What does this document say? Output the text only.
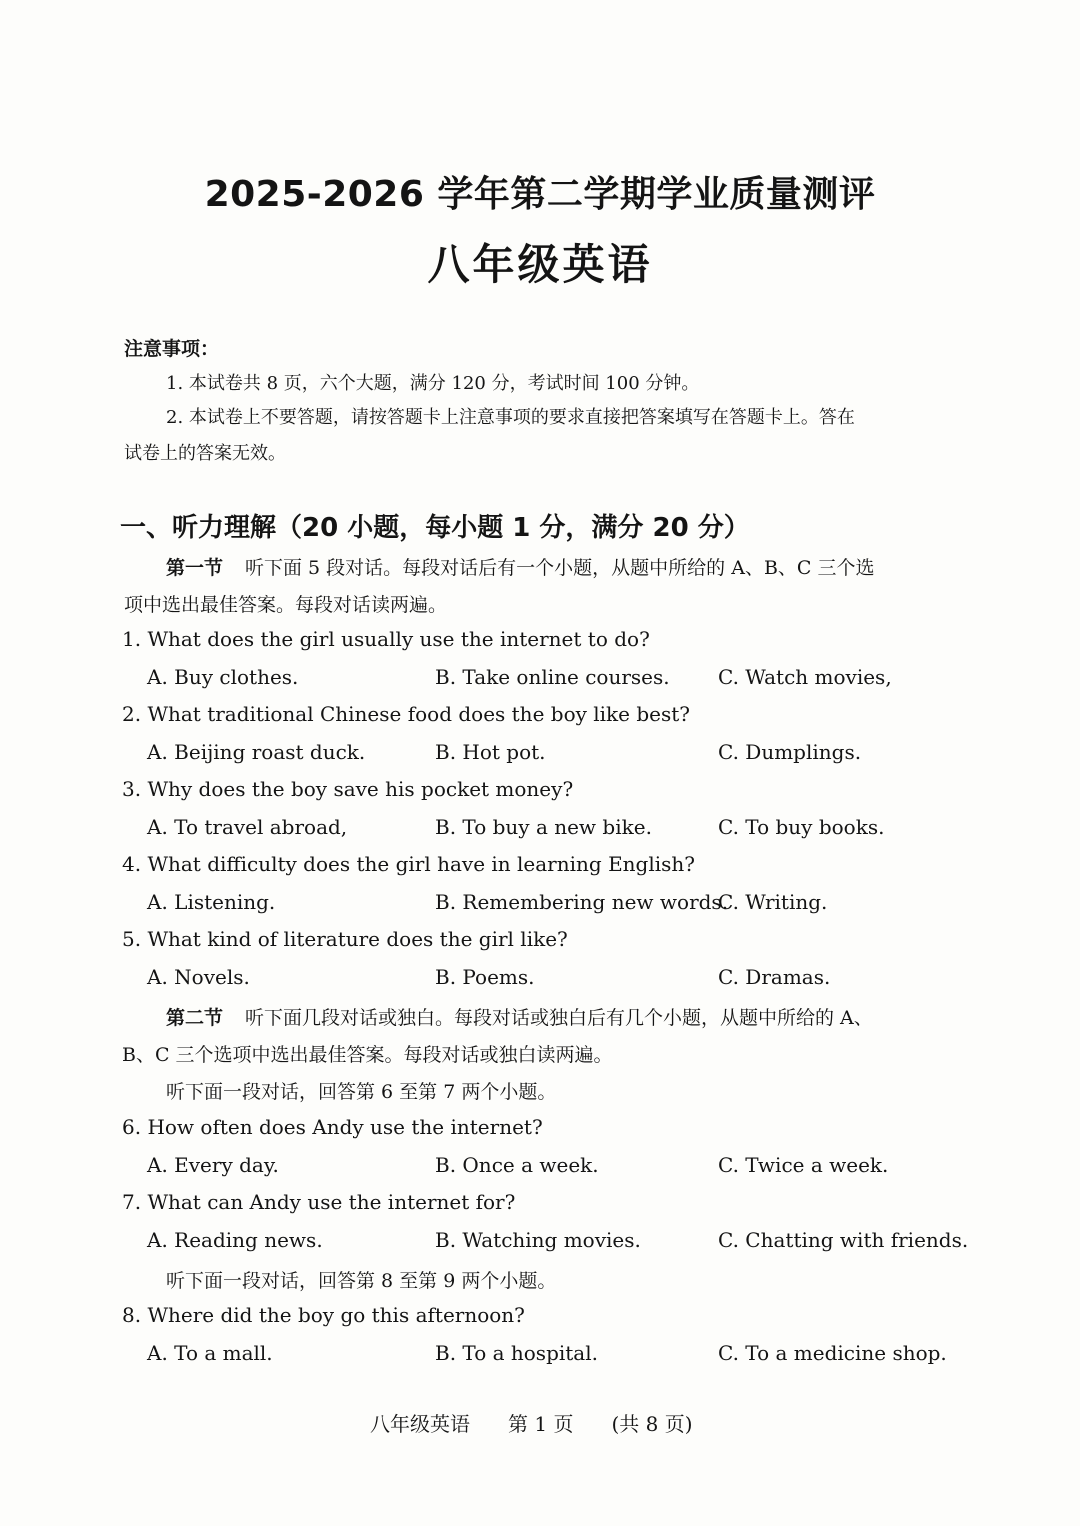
2025-2026 学年第二学期学业质量测评
八年级英语
注意事项：
1. 本试卷共 8 页，六个大题，满分 120 分，考试时间 100 分钟。
2. 本试卷上不要答题，请按答题卡上注意事项的要求直接把答案填写在答题卡上。答在
试卷上的答案无效。
一、听力理解（20 小题，每小题 1 分，满分 20 分）
第一节 听下面 5 段对话。每段对话后有一个小题，从题中所给的 A、B、C 三个选
项中选出最佳答案。每段对话读两遍。
1. What does the girl usually use the internet to do?
A. Buy clothes.	B. Take online courses. C. Watch movies,
2. What traditional Chinese food does the boy like best?
A. Beijing roast duck.	B. Hot pot.	C. Dumplings.
3. Why does the boy save his pocket money?
A. To travel abroad,	B. To buy a new bike.	C. To buy books.
4. What difficulty does the girl have in learning English?
A. Listening.	B. Remembering new words.
C. Writing.
5. What kind of literature does the girl like?
A. Novels.	B. Poems.	C. Dramas.
第二节 听下面几段对话或独白。每段对话或独白后有几个小题，从题中所给的 A、
B、C 三个选项中选出最佳答案。每段对话或独白读两遍。
听下面一段对话，回答第 6 至第 7 两个小题。
6. How often does Andy use the internet?
A. Every day.	B. Once a week.	C. Twice a week.
7. What can Andy use the internet for?
A. Reading news.	B. Watching movies.	C. Chatting with friends.
听下面一段对话，回答第 8 至第 9 两个小题。
8. Where did the boy go this afternoon?
A. To a mall.	B. To a hospital.	C. To a medicine shop.
八年级英语 第 1 页 (共 8 页)
